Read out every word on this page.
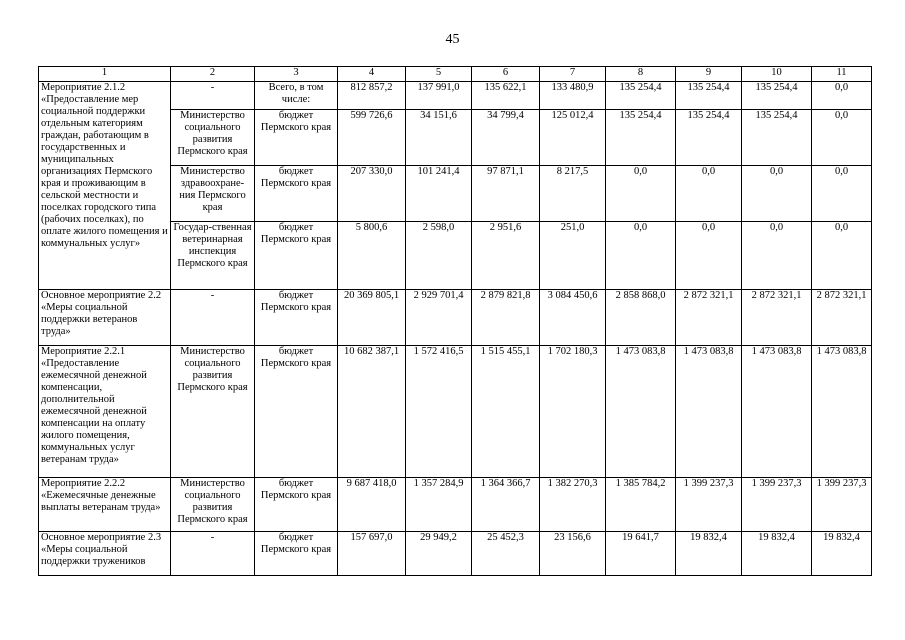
45
1	2	3	4	5	6	7	8	9	10	11
Мероприятие 2.1.2 «Предоставление мер социальной поддержки отдельным категориям граждан, работающим в государственных и муниципальных организациях Пермского края и проживающим в сельской местности и поселках городского типа (рабочих поселках), по оплате жилого помещения и коммунальных услуг»	-	Всего, в том числе:	812 857,2	137 991,0	135 622,1	133 480,9	135 254,4	135 254,4	135 254,4	0,0
	Министерство социального развития Пермского края	бюджет Пермского края	599 726,6	34 151,6	34 799,4	125 012,4	135 254,4	135 254,4	135 254,4	0,0
	Министерство здравоохране-ния Пермского края	бюджет Пермского края	207 330,0	101 241,4	97 871,1	8 217,5	0,0	0,0	0,0	0,0
	Государ-ственная ветеринарная инспекция Пермского края	бюджет Пермского края	5 800,6	2 598,0	2 951,6	251,0	0,0	0,0	0,0	0,0
Основное мероприятие 2.2 «Меры социальной поддержки ветеранов труда»	-	бюджет Пермского края	20 369 805,1	2 929 701,4	2 879 821,8	3 084 450,6	2 858 868,0	2 872 321,1	2 872 321,1	2 872 321,1
Мероприятие 2.2.1 «Предоставление ежемесячной денежной компенсации, дополнительной ежемесячной денежной компенсации на оплату жилого помещения, коммунальных услуг ветеранам труда»	Министерство социального развития Пермского края	бюджет Пермского края	10 682 387,1	1 572 416,5	1 515 455,1	1 702 180,3	1 473 083,8	1 473 083,8	1 473 083,8	1 473 083,8
Мероприятие 2.2.2 «Ежемесячные денежные выплаты ветеранам труда»	Министерство социального развития Пермского края	бюджет Пермского края	9 687 418,0	1 357 284,9	1 364 366,7	1 382 270,3	1 385 784,2	1 399 237,3	1 399 237,3	1 399 237,3
Основное мероприятие 2.3 «Меры социальной поддержки тружеников	-	бюджет Пермского края	157 697,0	29 949,2	25 452,3	23 156,6	19 641,7	19 832,4	19 832,4	19 832,4
